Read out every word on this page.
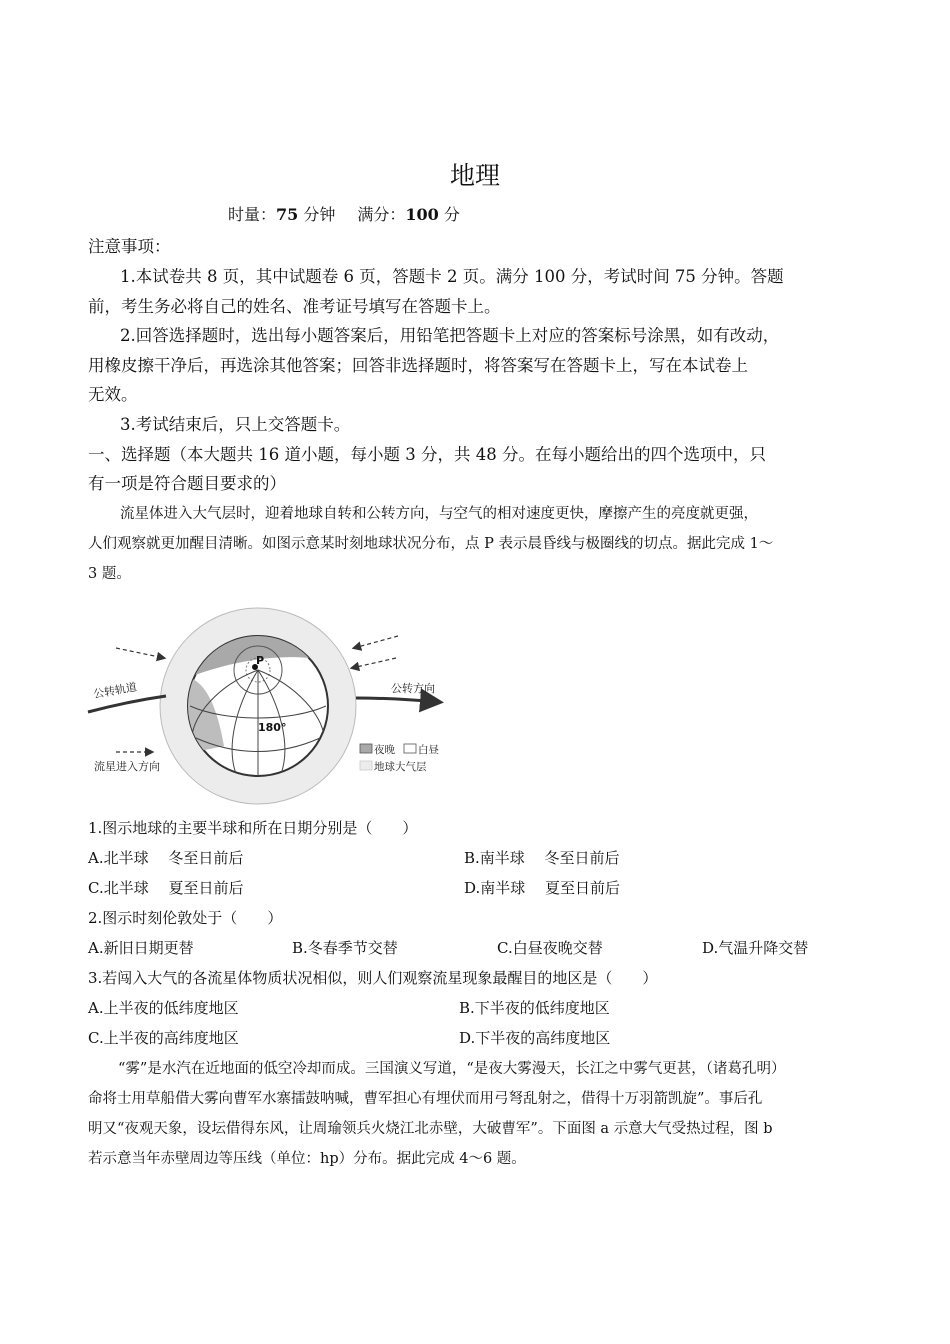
地理
时量：75 分钟 满分：100 分
注意事项：
1.本试卷共 8 页，其中试题卷 6 页，答题卡 2 页。满分 100 分，考试时间 75 分钟。答题
前，考生务必将自己的姓名、准考证号填写在答题卡上。
2.回答选择题时，选出每小题答案后，用铅笔把答题卡上对应的答案标号涂黑，如有改动，
用橡皮擦干净后，再选涂其他答案；回答非选择题时，将答案写在答题卡上，写在本试卷上
无效。
3.考试结束后，只上交答题卡。
一、选择题（本大题共 16 道小题，每小题 3 分，共 48 分。在每小题给出的四个选项中，只
有一项是符合题目要求的）
流星体进入大气层时，迎着地球自转和公转方向，与空气的相对速度更快，摩擦产生的亮度就更强，
人们观察就更加醒目清晰。如图示意某时刻地球状况分布，点 P 表示晨昏线与极圈线的切点。据此完成 1～
3 题。
P
180°
公转轨道	公转方向
流星进入方向
夜晚 白昼
地球大气层
1.图示地球的主要半球和所在日期分别是（　　）
A.北半球　 冬至日前后	B.南半球　 冬至日前后
C.北半球　 夏至日前后	D.南半球　 夏至日前后
2.图示时刻伦敦处于（　　）
A.新旧日期更替	B.冬春季节交替	C.白昼夜晚交替	D.气温升降交替
3.若闯入大气的各流星体物质状况相似，则人们观察流星现象最醒目的地区是（　　）
A.上半夜的低纬度地区	B.下半夜的低纬度地区
C.上半夜的高纬度地区	D.下半夜的高纬度地区
“雾”是水汽在近地面的低空冷却而成。三国演义写道，“是夜大雾漫天，长江之中雾气更甚，（诸葛孔明）
命将士用草船借大雾向曹军水寨擂鼓呐喊，曹军担心有埋伏而用弓弩乱射之，借得十万羽箭凯旋”。事后孔
明又“夜观天象，设坛借得东风，让周瑜领兵火烧江北赤壁，大破曹军”。下面图 a 示意大气受热过程，图 b
若示意当年赤壁周边等压线（单位：hp）分布。据此完成 4～6 题。
